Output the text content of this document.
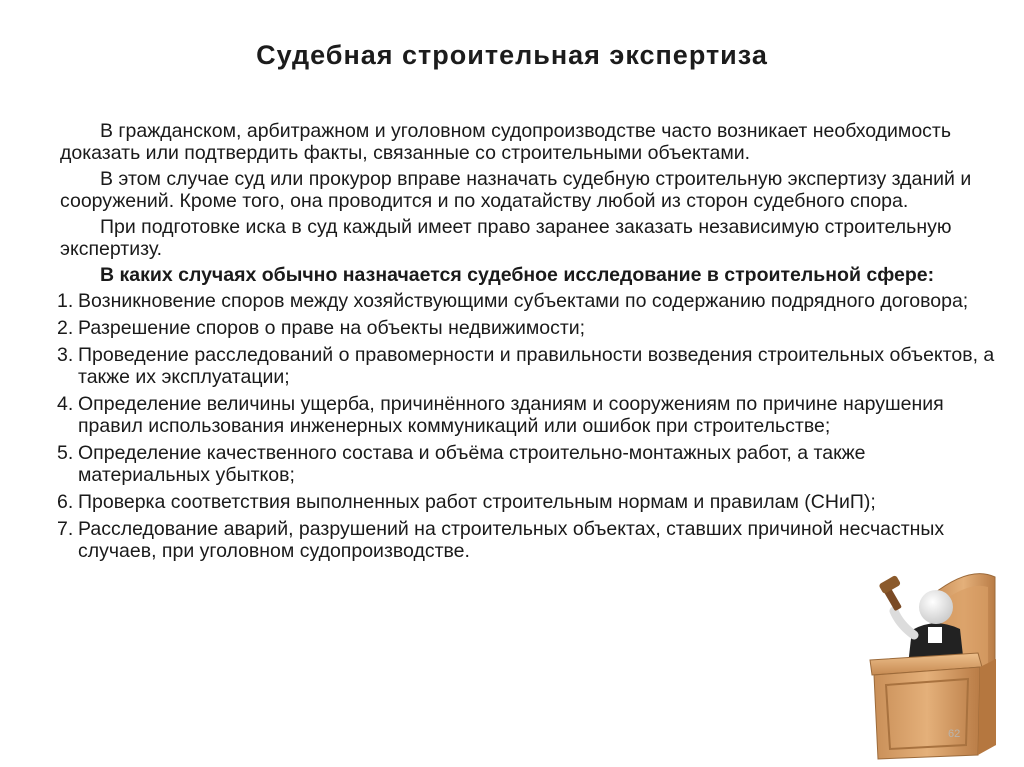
Судебная строительная экспертиза

В гражданском, арбитражном и уголовном судопроизводстве часто возникает необходимость доказать или подтвердить факты, связанные со строительными объектами.

В этом случае суд или прокурор вправе назначать судебную строительную экспертизу зданий и сооружений. Кроме того, она проводится и по ходатайству любой из сторон судебного спора.

При подготовке иска в суд каждый имеет право заранее заказать независимую строительную экспертизу.

В каких случаях обычно назначается судебное исследование в строительной сфере:

1. Возникновение споров между хозяйствующими субъектами по содержанию подрядного договора;
2. Разрешение споров о праве на объекты недвижимости;
3. Проведение расследований о правомерности и правильности возведения строительных объектов, а также их эксплуатации;
4. Определение величины ущерба, причинённого зданиям и сооружениям по причине нарушения правил использования инженерных коммуникаций или ошибок при строительстве;
5. Определение качественного состава и объёма строительно-монтажных работ, а также материальных убытков;
6. Проверка соответствия выполненных работ строительным нормам и правилам (СНиП);
7. Расследование аварий, разрушений на строительных объектах, ставших причиной несчастных случаев, при уголовном судопроизводстве.
62
